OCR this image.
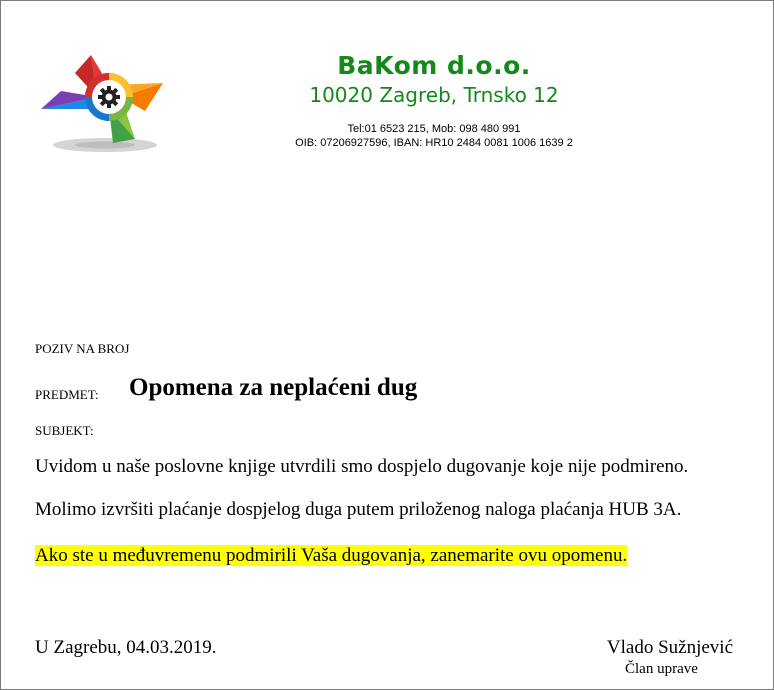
BaKom d.o.o.
10020 Zagreb, Trnsko 12
Tel:01 6523 215, Mob: 098 480 991
OIB: 07206927596, IBAN: HR10 2484 0081 1006 1639 2
POZIV NA BROJ
PREDMET: Opomena za neplaćeni dug
SUBJEKT:
Uvidom u naše poslovne knjige utvrdili smo dospjelo dugovanje koje nije podmireno.
Molimo izvršiti plaćanje dospjelog duga putem priloženog naloga plaćanja HUB 3A.
Ako ste u međuvremenu podmirili Vaša dugovanja, zanemarite ovu opomenu.
U Zagrebu, 04.03.2019.	Vlado Sužnjević
Član uprave
